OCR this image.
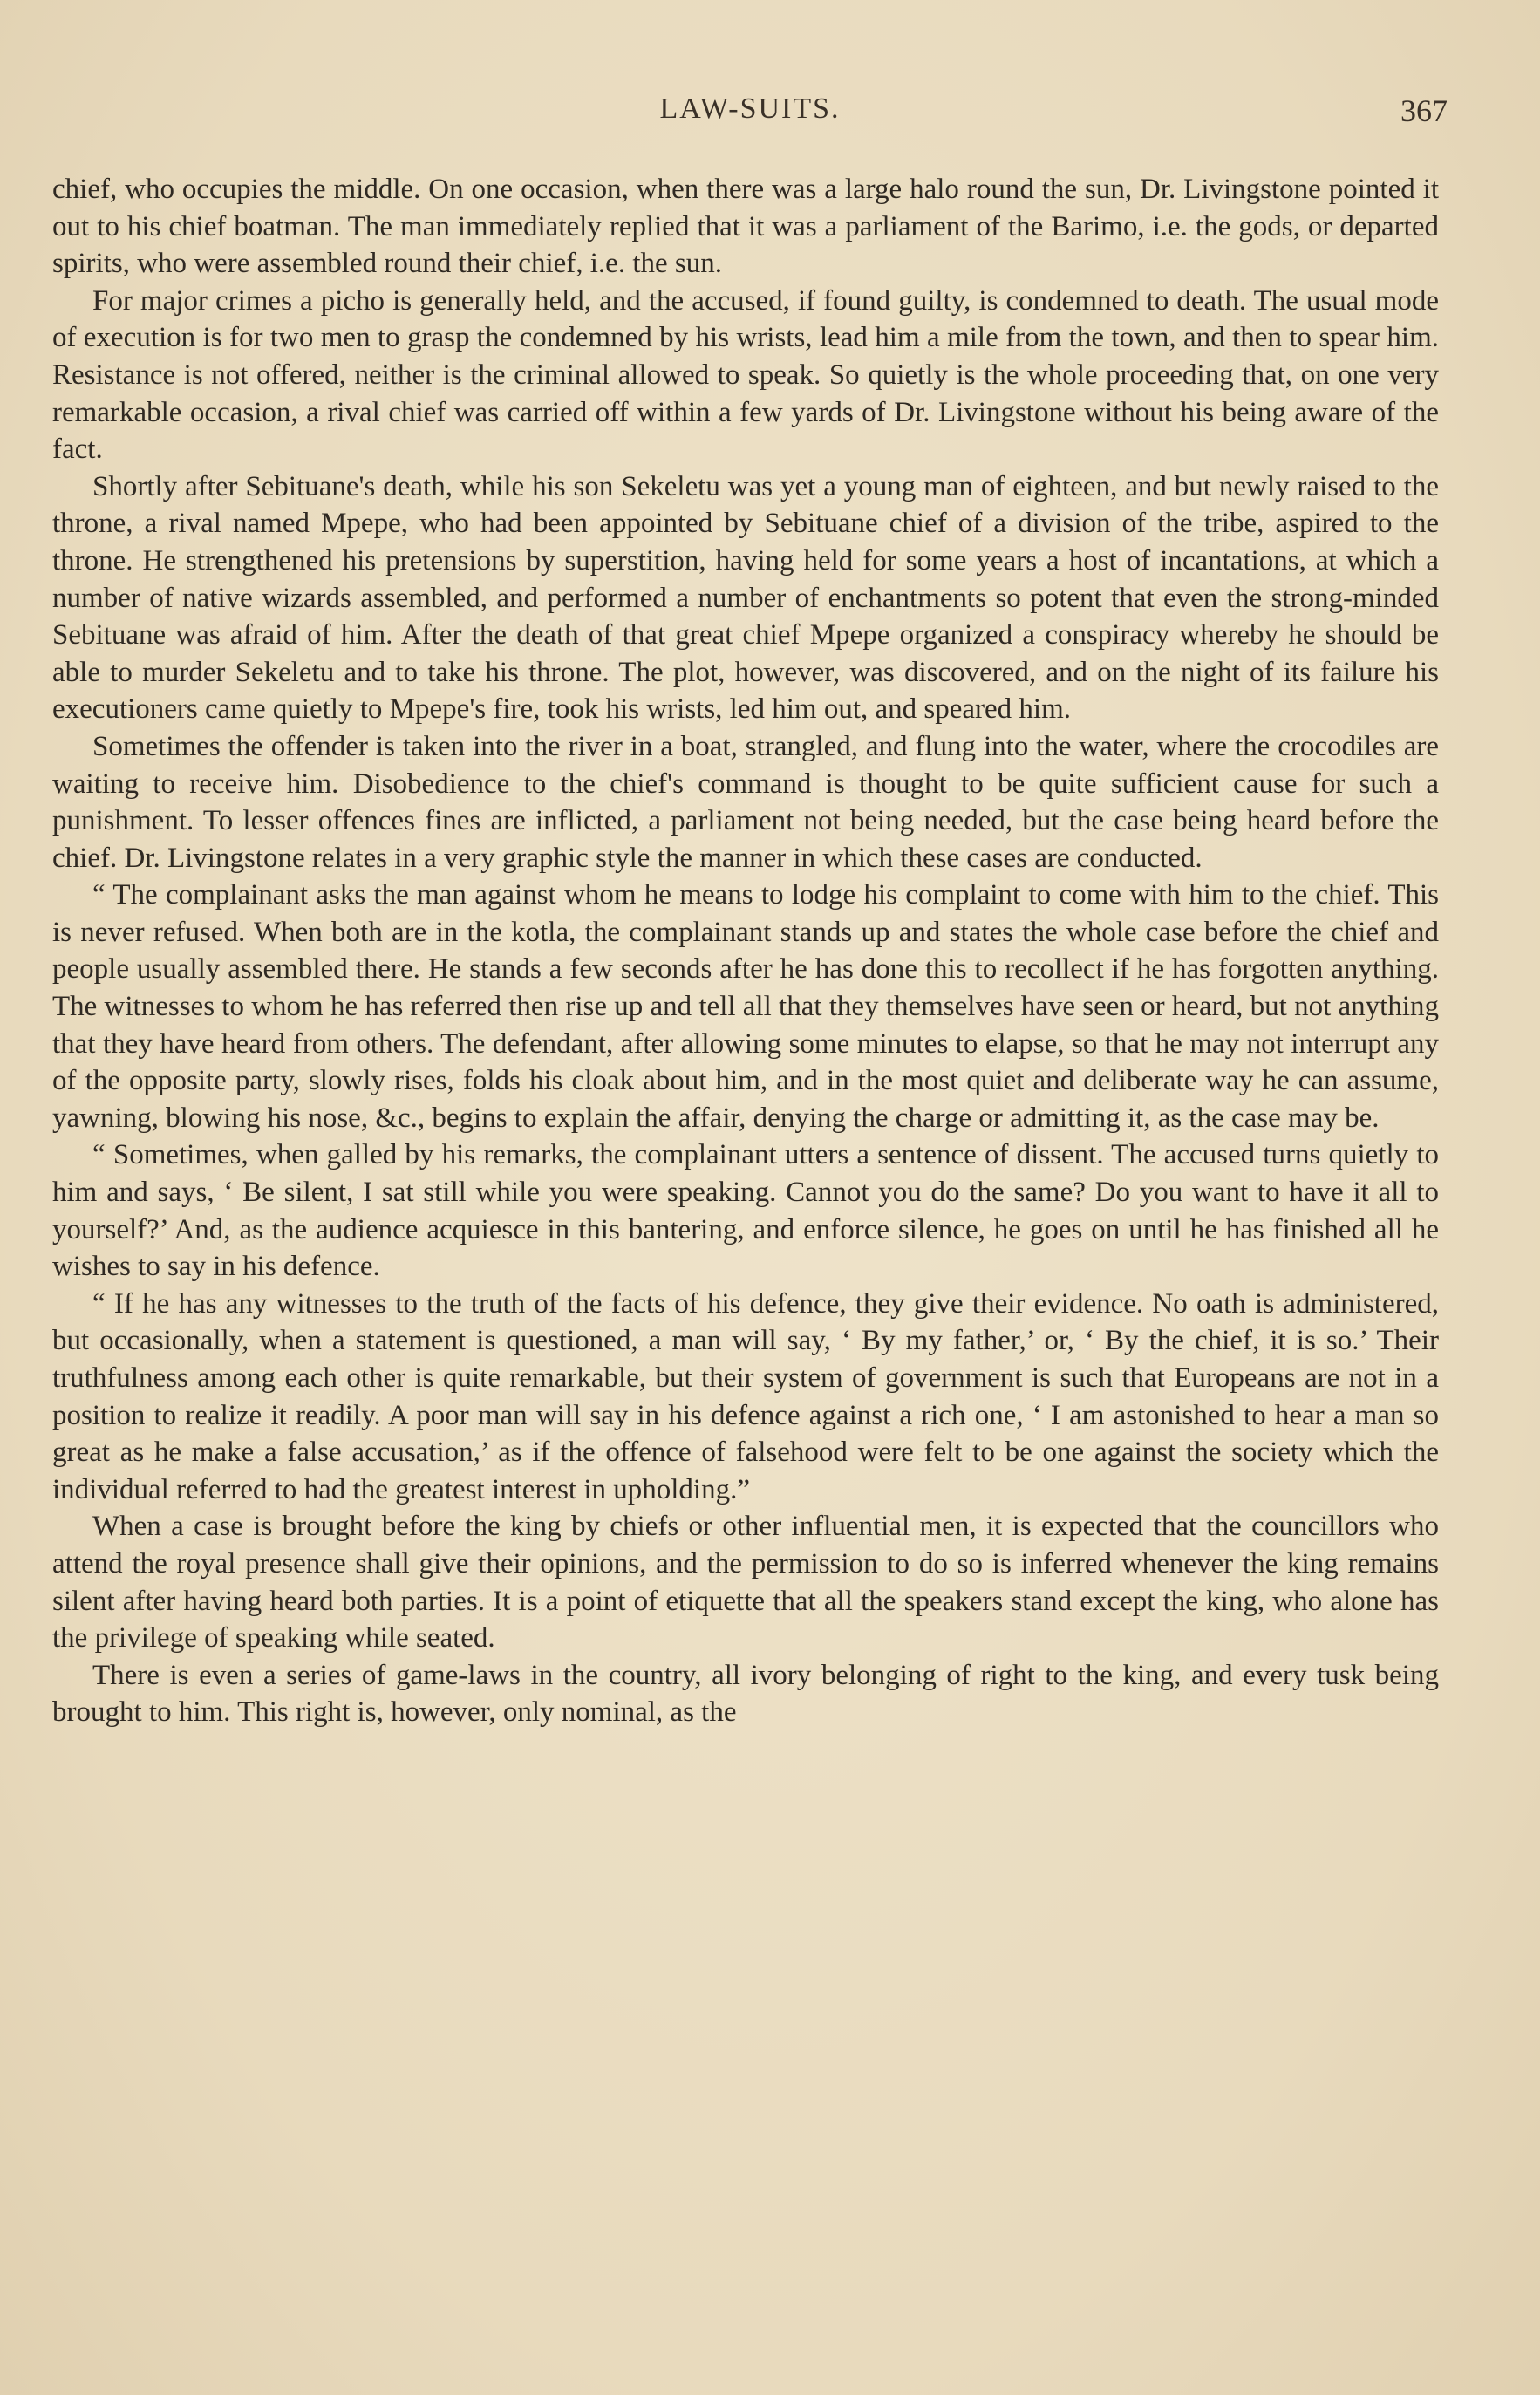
LAW-SUITS.	367

chief, who occupies the middle. On one occasion, when there was a large halo round the sun, Dr. Livingstone pointed it out to his chief boatman. The man immediately replied that it was a parliament of the Barimo, i.e. the gods, or departed spirits, who were assembled round their chief, i.e. the sun.

For major crimes a picho is generally held, and the accused, if found guilty, is condemned to death. The usual mode of execution is for two men to grasp the condemned by his wrists, lead him a mile from the town, and then to spear him. Resistance is not offered, neither is the criminal allowed to speak. So quietly is the whole proceeding that, on one very remarkable occasion, a rival chief was carried off within a few yards of Dr. Livingstone without his being aware of the fact.

Shortly after Sebituane's death, while his son Sekeletu was yet a young man of eighteen, and but newly raised to the throne, a rival named Mpepe, who had been appointed by Sebituane chief of a division of the tribe, aspired to the throne. He strengthened his pretensions by superstition, having held for some years a host of incantations, at which a number of native wizards assembled, and performed a number of enchantments so potent that even the strong-minded Sebituane was afraid of him. After the death of that great chief Mpepe organized a conspiracy whereby he should be able to murder Sekeletu and to take his throne. The plot, however, was discovered, and on the night of its failure his executioners came quietly to Mpepe's fire, took his wrists, led him out, and speared him.

Sometimes the offender is taken into the river in a boat, strangled, and flung into the water, where the crocodiles are waiting to receive him. Disobedience to the chief's command is thought to be quite sufficient cause for such a punishment. To lesser offences fines are inflicted, a parliament not being needed, but the case being heard before the chief. Dr. Livingstone relates in a very graphic style the manner in which these cases are conducted.

“ The complainant asks the man against whom he means to lodge his complaint to come with him to the chief. This is never refused. When both are in the kotla, the complainant stands up and states the whole case before the chief and people usually assembled there. He stands a few seconds after he has done this to recollect if he has forgotten anything. The witnesses to whom he has referred then rise up and tell all that they themselves have seen or heard, but not anything that they have heard from others. The defendant, after allowing some minutes to elapse, so that he may not interrupt any of the opposite party, slowly rises, folds his cloak about him, and in the most quiet and deliberate way he can assume, yawning, blowing his nose, &c., begins to explain the affair, denying the charge or admitting it, as the case may be.

“ Sometimes, when galled by his remarks, the complainant utters a sentence of dissent. The accused turns quietly to him and says, ‘ Be silent, I sat still while you were speaking. Cannot you do the same? Do you want to have it all to yourself?’ And, as the audience acquiesce in this bantering, and enforce silence, he goes on until he has finished all he wishes to say in his defence.

“ If he has any witnesses to the truth of the facts of his defence, they give their evidence. No oath is administered, but occasionally, when a statement is questioned, a man will say, ‘ By my father,’ or, ‘ By the chief, it is so.’ Their truthfulness among each other is quite remarkable, but their system of government is such that Europeans are not in a position to realize it readily. A poor man will say in his defence against a rich one, ‘ I am astonished to hear a man so great as he make a false accusation,’ as if the offence of falsehood were felt to be one against the society which the individual referred to had the greatest interest in upholding.”

When a case is brought before the king by chiefs or other influential men, it is expected that the councillors who attend the royal presence shall give their opinions, and the permission to do so is inferred whenever the king remains silent after having heard both parties. It is a point of etiquette that all the speakers stand except the king, who alone has the privilege of speaking while seated.

There is even a series of game-laws in the country, all ivory belonging of right to the king, and every tusk being brought to him. This right is, however, only nominal, as the
